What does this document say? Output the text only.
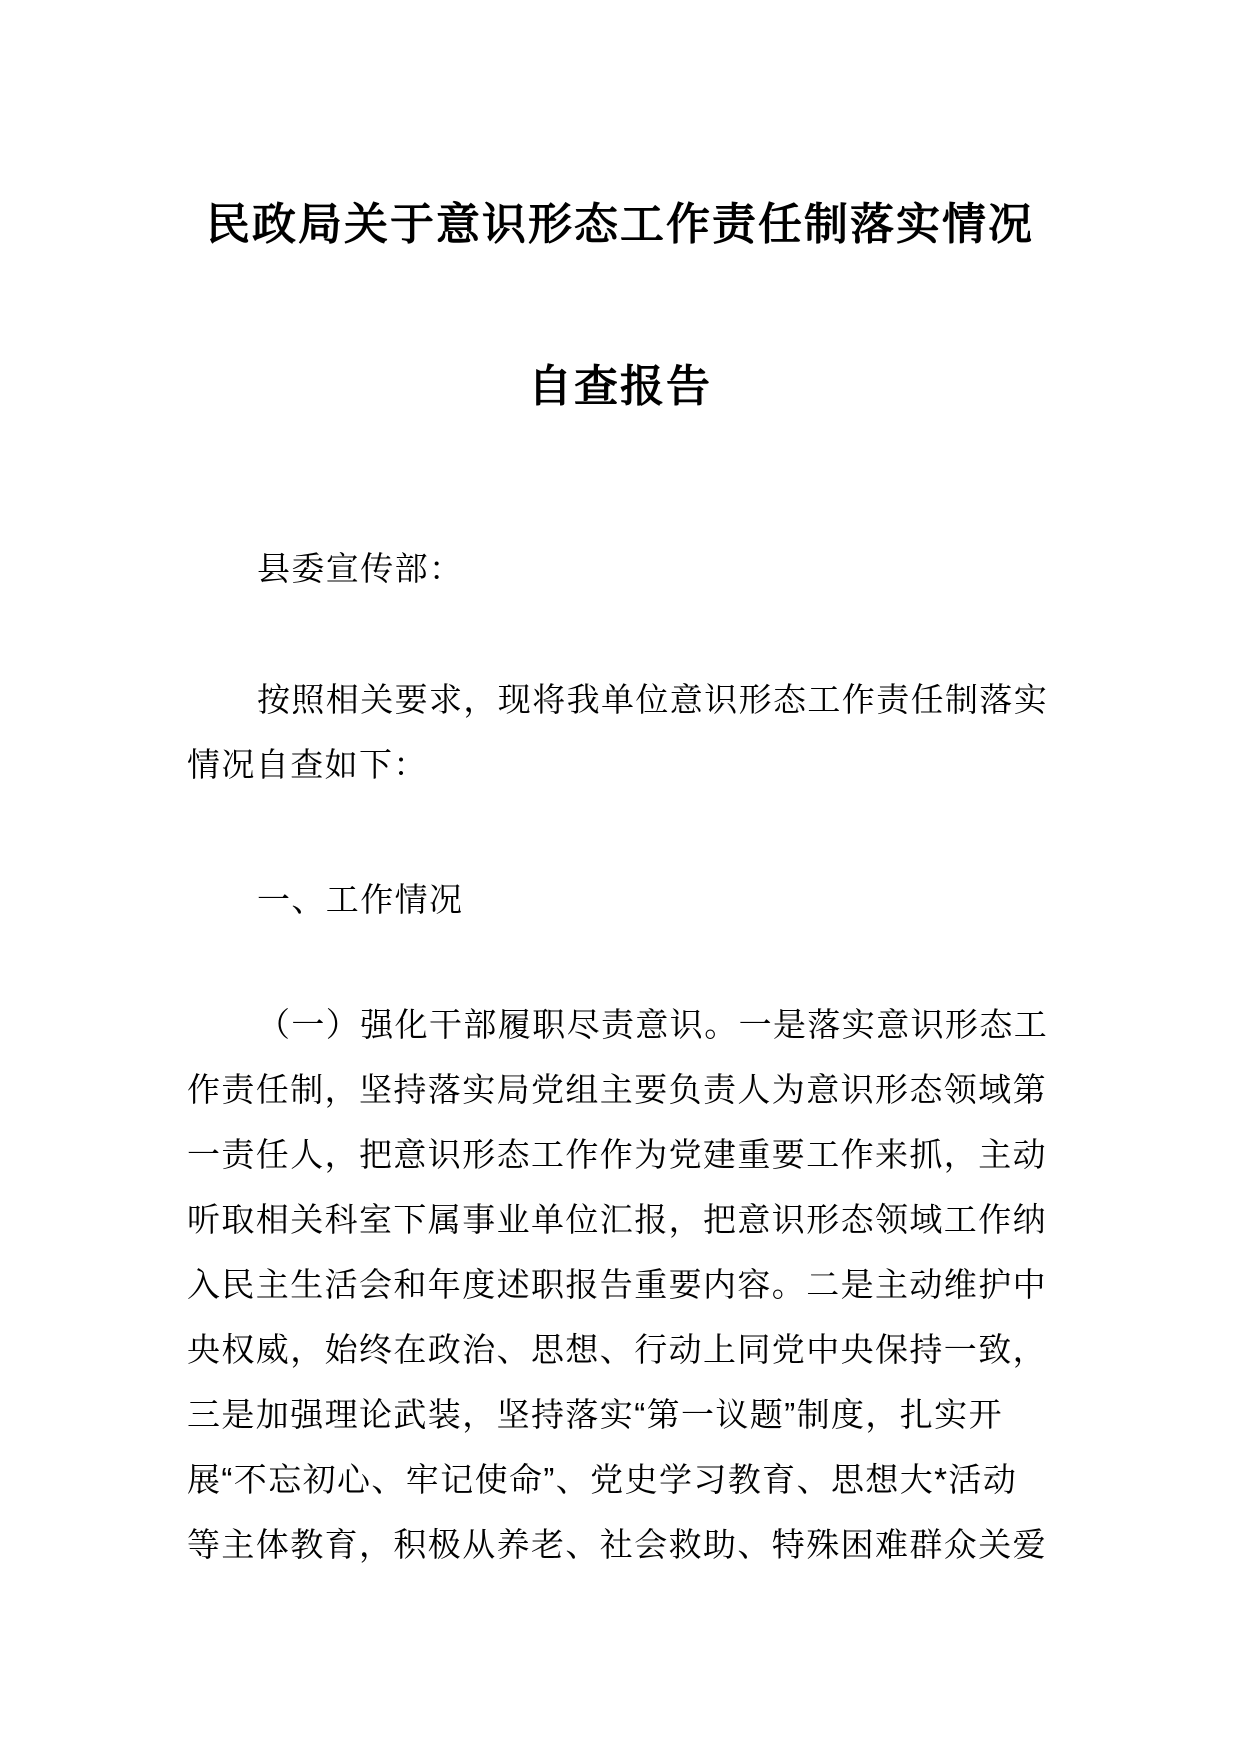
民政局关于意识形态工作责任制落实情况
自查报告
县委宣传部：
按照相关要求，现将我单位意识形态工作责任制落实
情况自查如下：
一、工作情况
（一）强化干部履职尽责意识。一是落实意识形态工
作责任制，坚持落实局党组主要负责人为意识形态领域第
一责任人，把意识形态工作作为党建重要工作来抓，主动
听取相关科室下属事业单位汇报，把意识形态领域工作纳
入民主生活会和年度述职报告重要内容。二是主动维护中
央权威，始终在政治、思想、行动上同党中央保持一致，
三是加强理论武装，坚持落实“第一议题”制度，扎实开
展“不忘初心、牢记使命”、党史学习教育、思想大*活动
等主体教育，积极从养老、社会救助、特殊困难群众关爱
